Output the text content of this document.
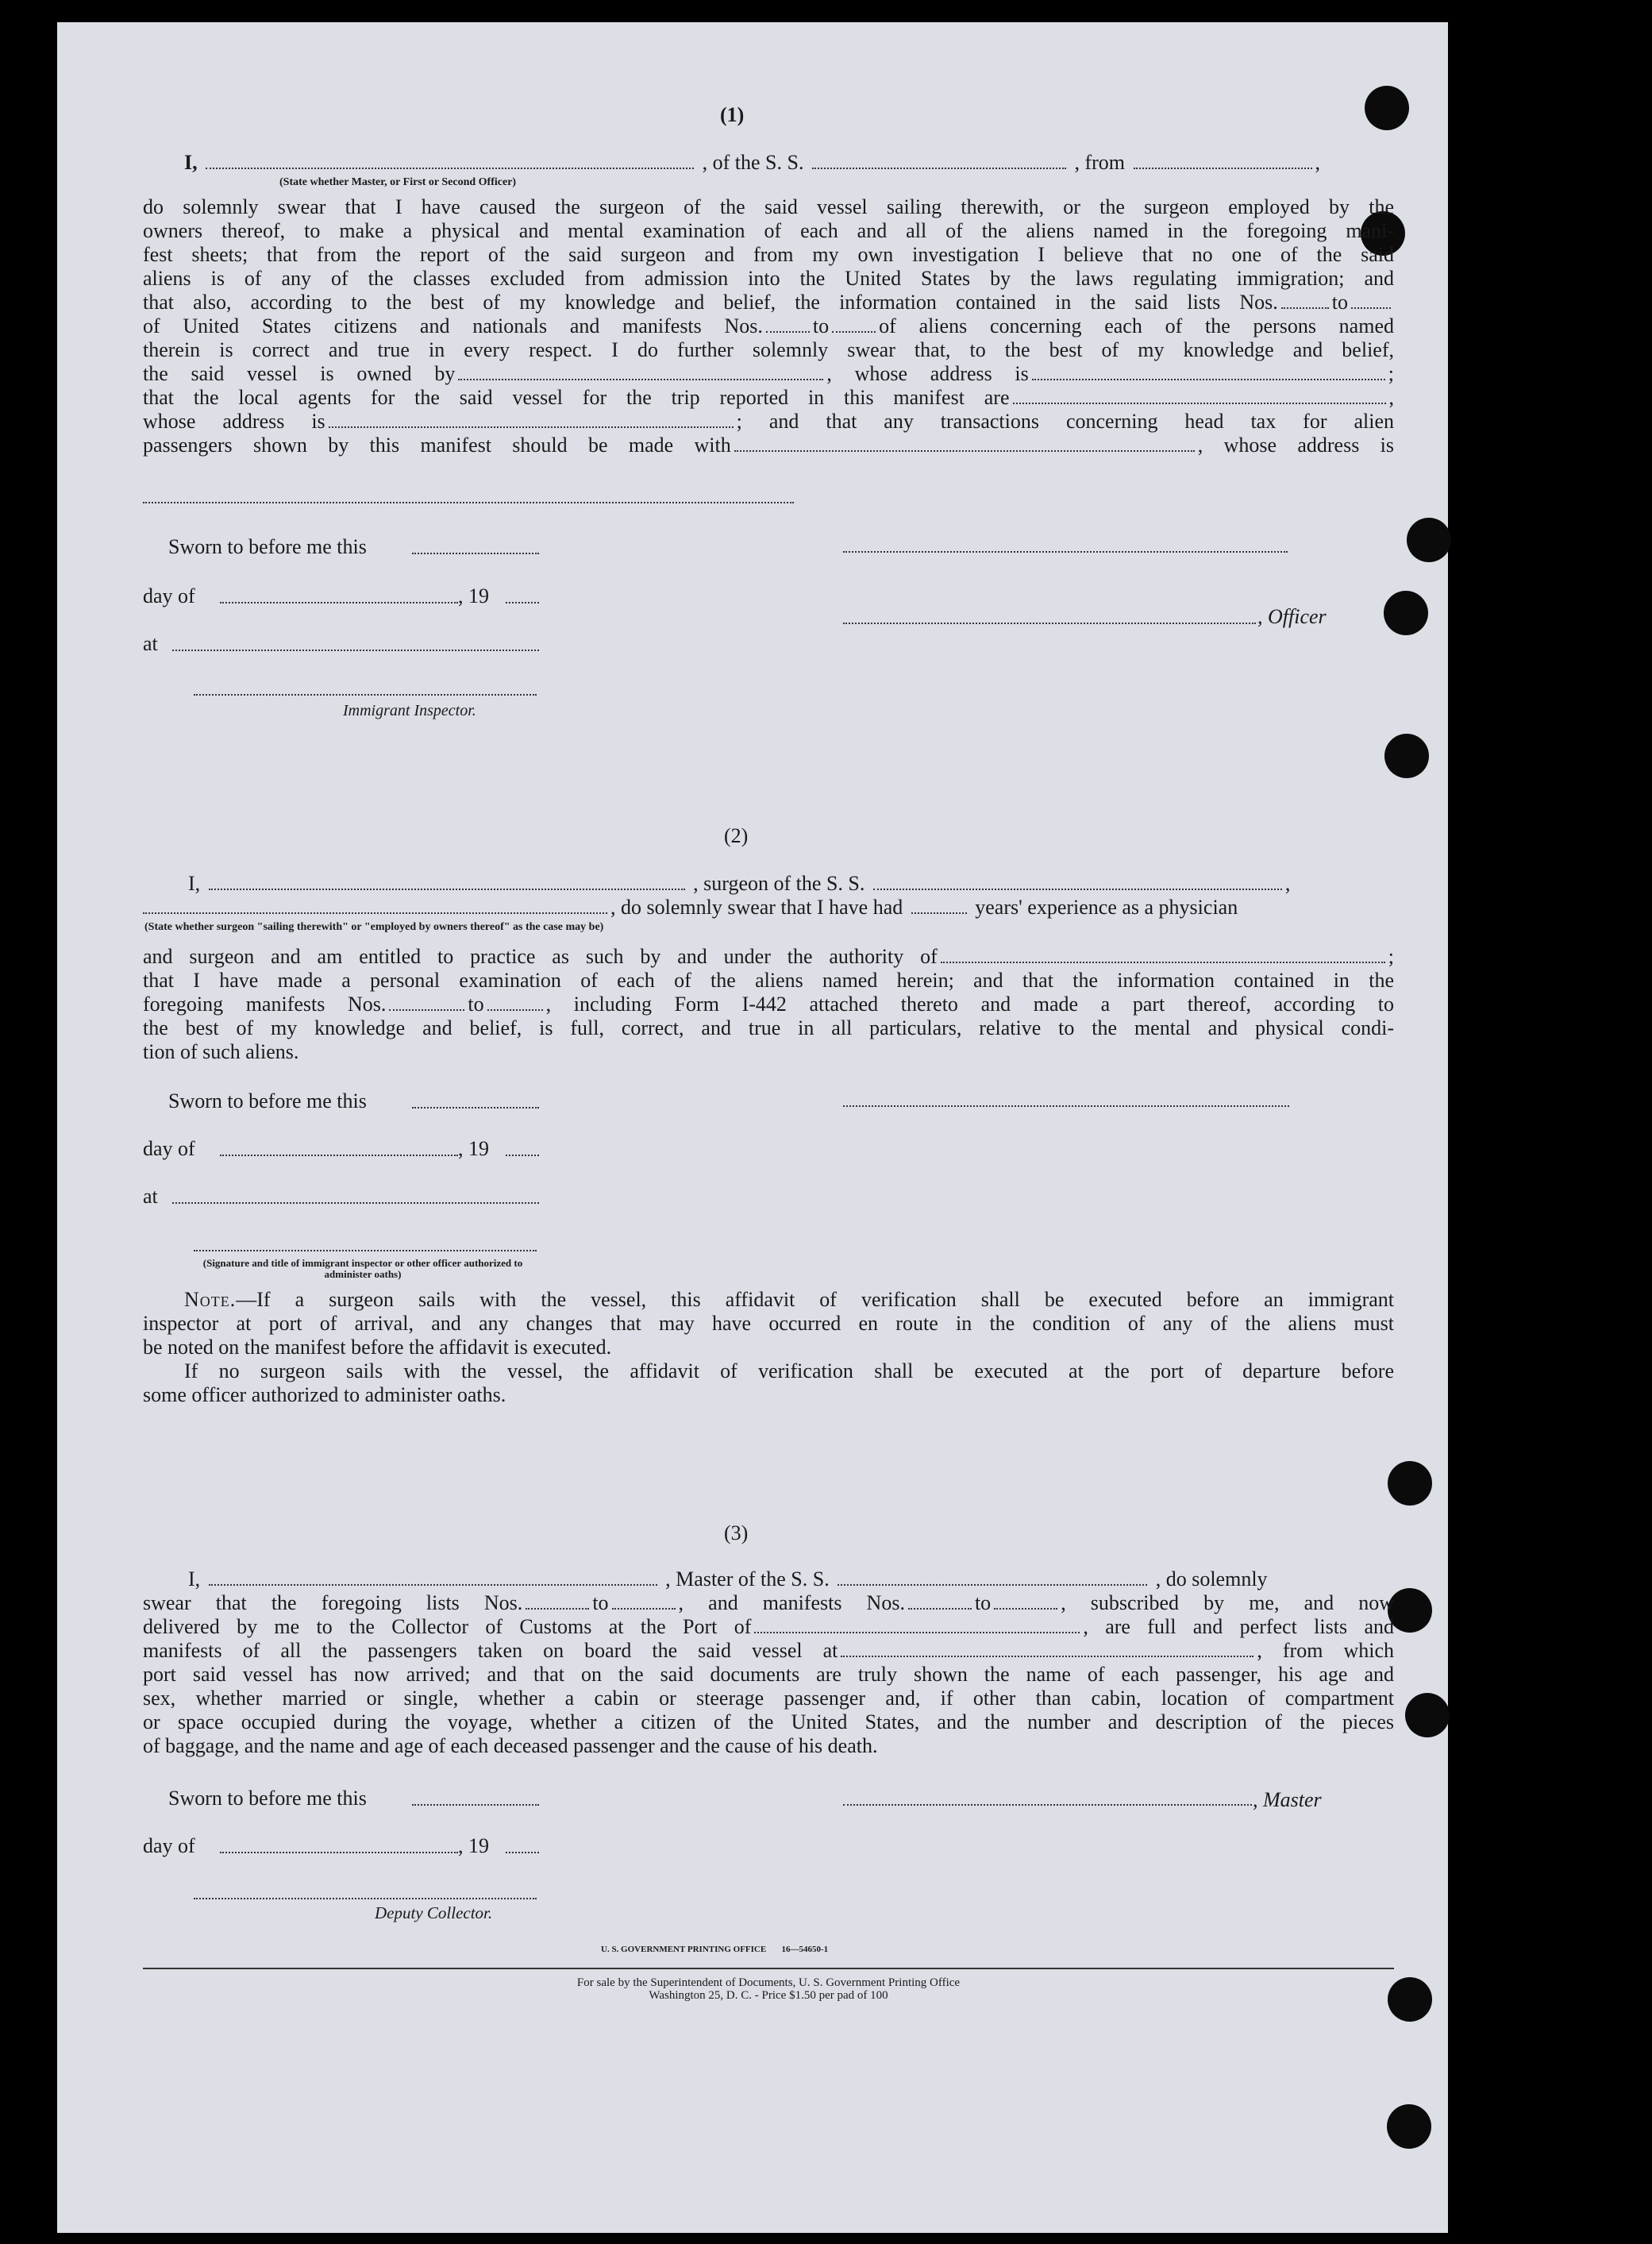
(1)
I,	, of the S. S.	, from	,
(State whether Master, or First or Second Officer)

do solemnly swear that I have caused the surgeon of the said vessel sailing therewith, or the surgeon employed by the

owners thereof, to make a physical and mental examination of each and all of the aliens named in the foregoing mani-

fest sheets; that from the report of the said surgeon and from my own investigation I believe that no one of the said

aliens is of any of the classes excluded from admission into the United States by the laws regulating immigration; and

that also, according to the best of my knowledge and belief, the information contained in the said lists Nos.	to

of United States citizens and nationals and manifests Nos. to of aliens concerning each of the persons named

therein is correct and true in every respect. I do further solemnly swear that, to the best of my knowledge and belief,

the said vessel is owned by	, whose address is	;

that the local agents for the said vessel for the trip reported in this manifest are	,

whose address is	; and that any transactions concerning head tax for alien

passengers shown by this manifest should be made with	, whose address is

Sworn to before me this
day of	, 19
, Officer
at
Immigrant Inspector.
(2)
I,	, surgeon of the S. S.	,
, do solemnly swear that I have had	years' experience as a physician
(State whether surgeon "sailing therewith" or "employed by owners thereof" as the case may be)

and surgeon and am entitled to practice as such by and under the authority of	;

that I have made a personal examination of each of the aliens named herein; and that the information contained in the

foregoing manifests Nos.	to	, including Form I-442 attached thereto and made a part thereof, according to

the best of my knowledge and belief, is full, correct, and true in all particulars, relative to the mental and physical condi-

tion of such aliens.

Sworn to before me this
day of	, 19
at
(Signature and title of immigrant inspector or other officer authorized to administer oaths)

Note.—If a surgeon sails with the vessel, this affidavit of verification shall be executed before an immigrant

inspector at port of arrival, and any changes that may have occurred en route in the condition of any of the aliens must

be noted on the manifest before the affidavit is executed.

If no surgeon sails with the vessel, the affidavit of verification shall be executed at the port of departure before

some officer authorized to administer oaths.

(3)
I,	, Master of the S. S.	, do solemnly

swear that the foregoing lists Nos.	to	, and manifests Nos.	to	, subscribed by me, and now

delivered by me to the Collector of Customs at the Port of	, are full and perfect lists and

manifests of all the passengers taken on board the said vessel at	, from which

port said vessel has now arrived; and that on the said documents are truly shown the name of each passenger, his age and

sex, whether married or single, whether a cabin or steerage passenger and, if other than cabin, location of compartment

or space occupied during the voyage, whether a citizen of the United States, and the number and description of the pieces

of baggage, and the name and age of each deceased passenger and the cause of his death.

Sworn to before me this	, Master
day of	, 19
Deputy Collector.
U. S. GOVERNMENT PRINTING OFFICE       16—54650-1
For sale by the Superintendent of Documents, U. S. Government Printing Office
Washington 25, D. C. - Price $1.50 per pad of 100
